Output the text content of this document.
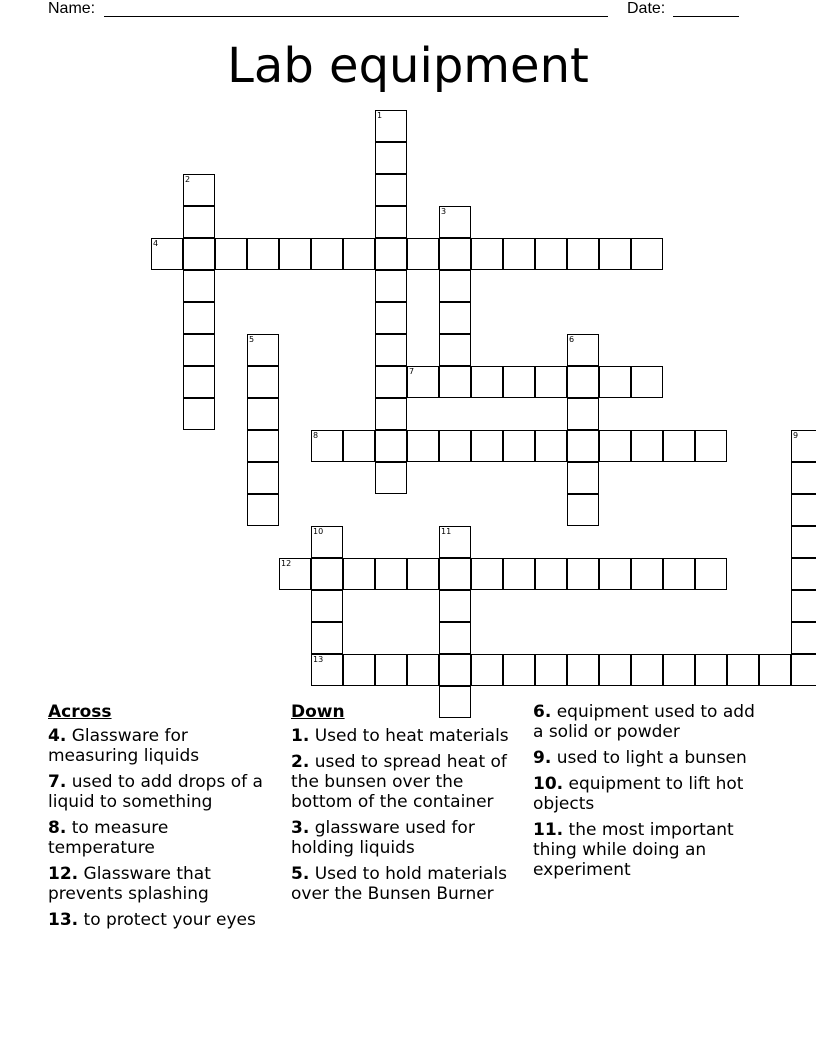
Name:	Date:
Lab equipment
1
2
3
4
5	6
7
8	9
10	11
12
13
Across
4. Glassware for measuring liquids
7. used to add drops of a liquid to something
8. to measure temperature
12. Glassware that prevents splashing
13. to protect your eyes
Down
1. Used to heat materials
2. used to spread heat of the bunsen over the bottom of the container
3. glassware used for holding liquids
5. Used to hold materials over the Bunsen Burner
6. equipment used to add a solid or powder
9. used to light a bunsen
10. equipment to lift hot objects
11. the most important thing while doing an experiment
